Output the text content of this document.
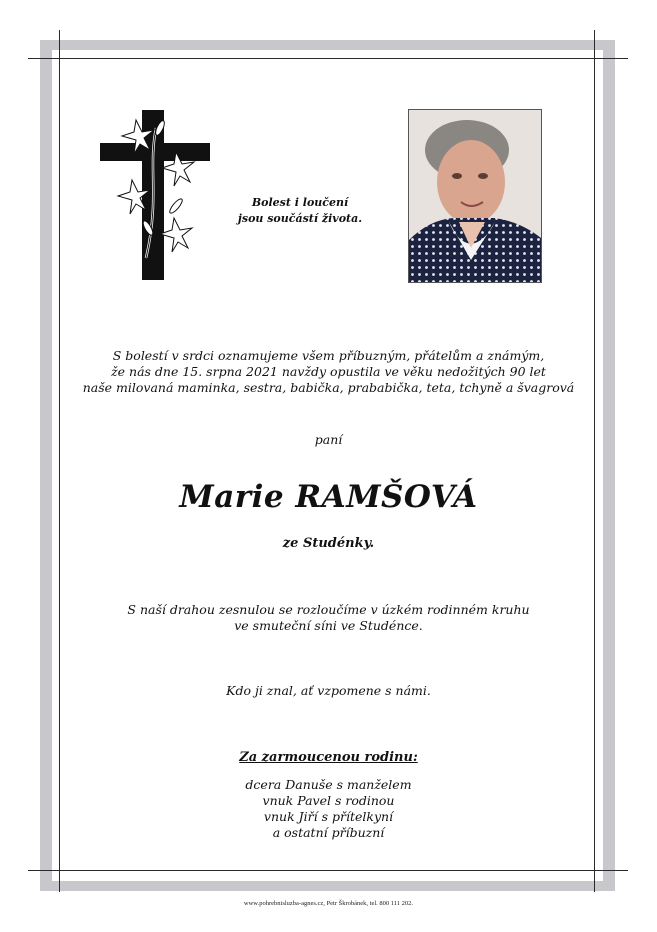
Bolest i loučení
jsou součástí života.
S bolestí v srdci oznamujeme všem příbuzným, přátelům a známým,
že nás dne 15. srpna 2021 navždy opustila ve věku nedožitých 90 let
naše milovaná maminka, sestra, babička, prababička, teta, tchyně a švagrová
paní
Marie RAMŠOVÁ
ze Studénky.
S naší drahou zesnulou se rozloučíme v úzkém rodinném kruhu
ve smuteční síni ve Studénce.
Kdo ji znal, ať vzpomene s námi.
Za zarmoucenou rodinu:
dcera Danuše s manželem
vnuk Pavel s rodinou
vnuk Jiří s přítelkyní
a ostatní příbuzní
www.pohrebnisluzba-agnes.cz, Petr Škrobánek, tel. 800 111 202.
